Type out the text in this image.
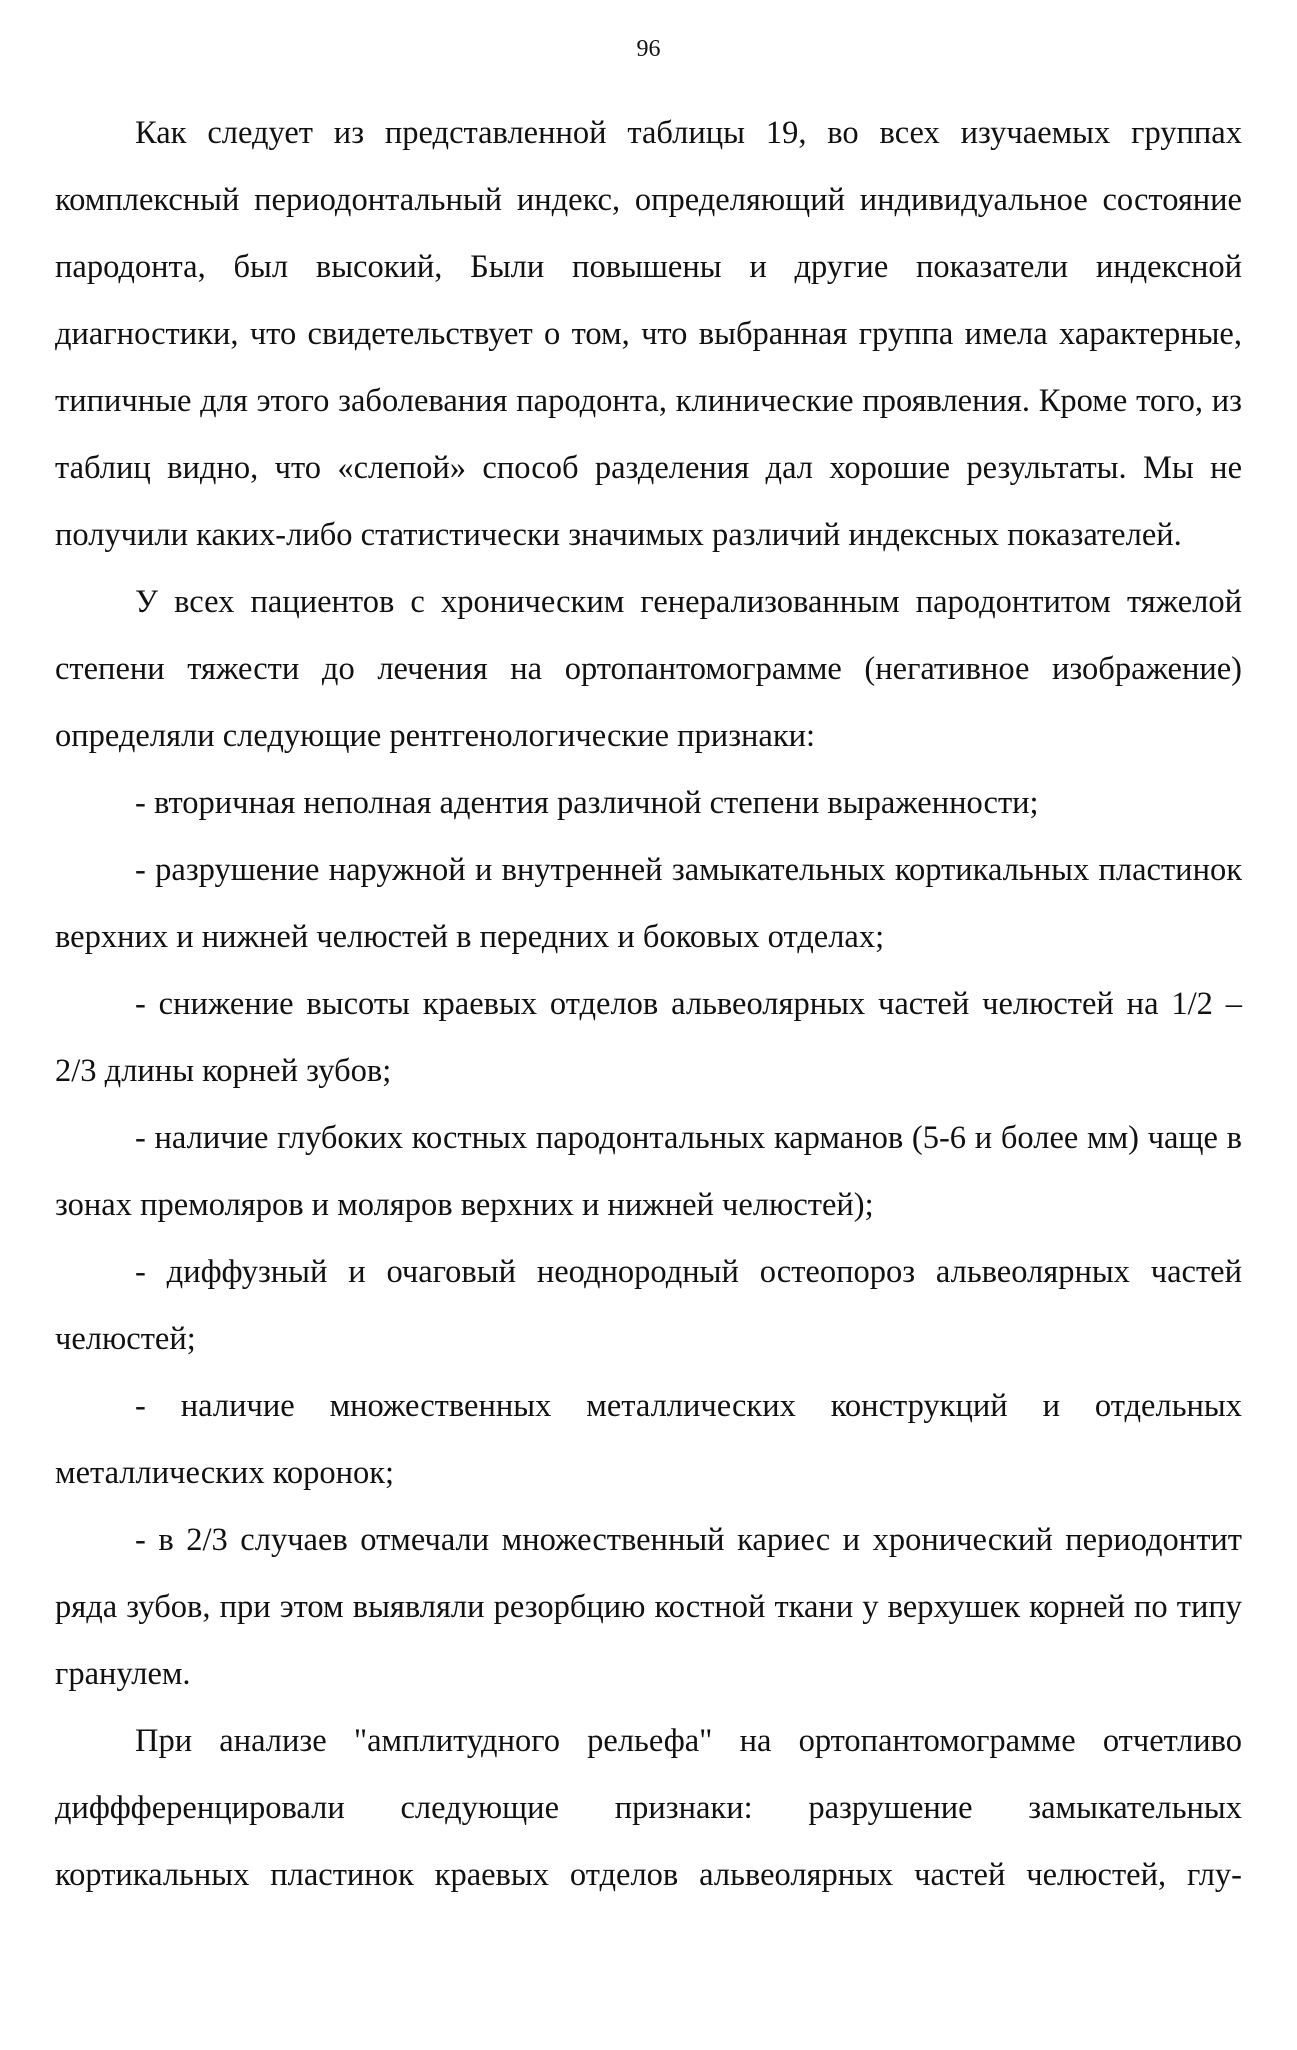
96

Как следует из представленной таблицы 19, во всех изучаемых группах комплексный периодонтальный индекс, определяющий индивидуальное состояние пародонта, был высокий, Были повышены и другие показатели индексной диагностики, что свидетельствует о том, что выбранная группа имела характерные, типичные для этого заболевания пародонта, клинические проявления. Кроме того, из таблиц видно, что «слепой» способ разделения дал хорошие результаты. Мы не получили каких-либо статистически значимых различий индексных показателей.

У всех пациентов с хроническим генерализованным пародонтитом тяжелой степени тяжести до лечения на ортопантомограмме (негативное изображение) определяли следующие рентгенологические признаки:

- вторичная неполная адентия различной степени выраженности;

- разрушение наружной и внутренней замыкательных кортикальных пластинок верхних и нижней челюстей в передних и боковых отделах;

- снижение высоты краевых отделов альвеолярных частей челюстей на 1/2 – 2/3 длины корней зубов;

- наличие глубоких костных пародонтальных карманов (5-6 и более мм) чаще в зонах премоляров и моляров верхних и нижней челюстей);

- диффузный и очаговый неоднородный остеопороз альвеолярных частей челюстей;

- наличие множественных металлических конструкций и отдельных металлических коронок;

- в 2/3 случаев отмечали множественный кариес и хронический периодонтит ряда зубов, при этом выявляли резорбцию костной ткани у верхушек корней по типу гранулем.

При анализе "амплитудного рельефа" на ортопантомограмме отчетливо диффференцировали следующие признаки: разрушение замыкательных кортикальных пластинок краевых отделов альвеолярных частей челюстей, глу-
